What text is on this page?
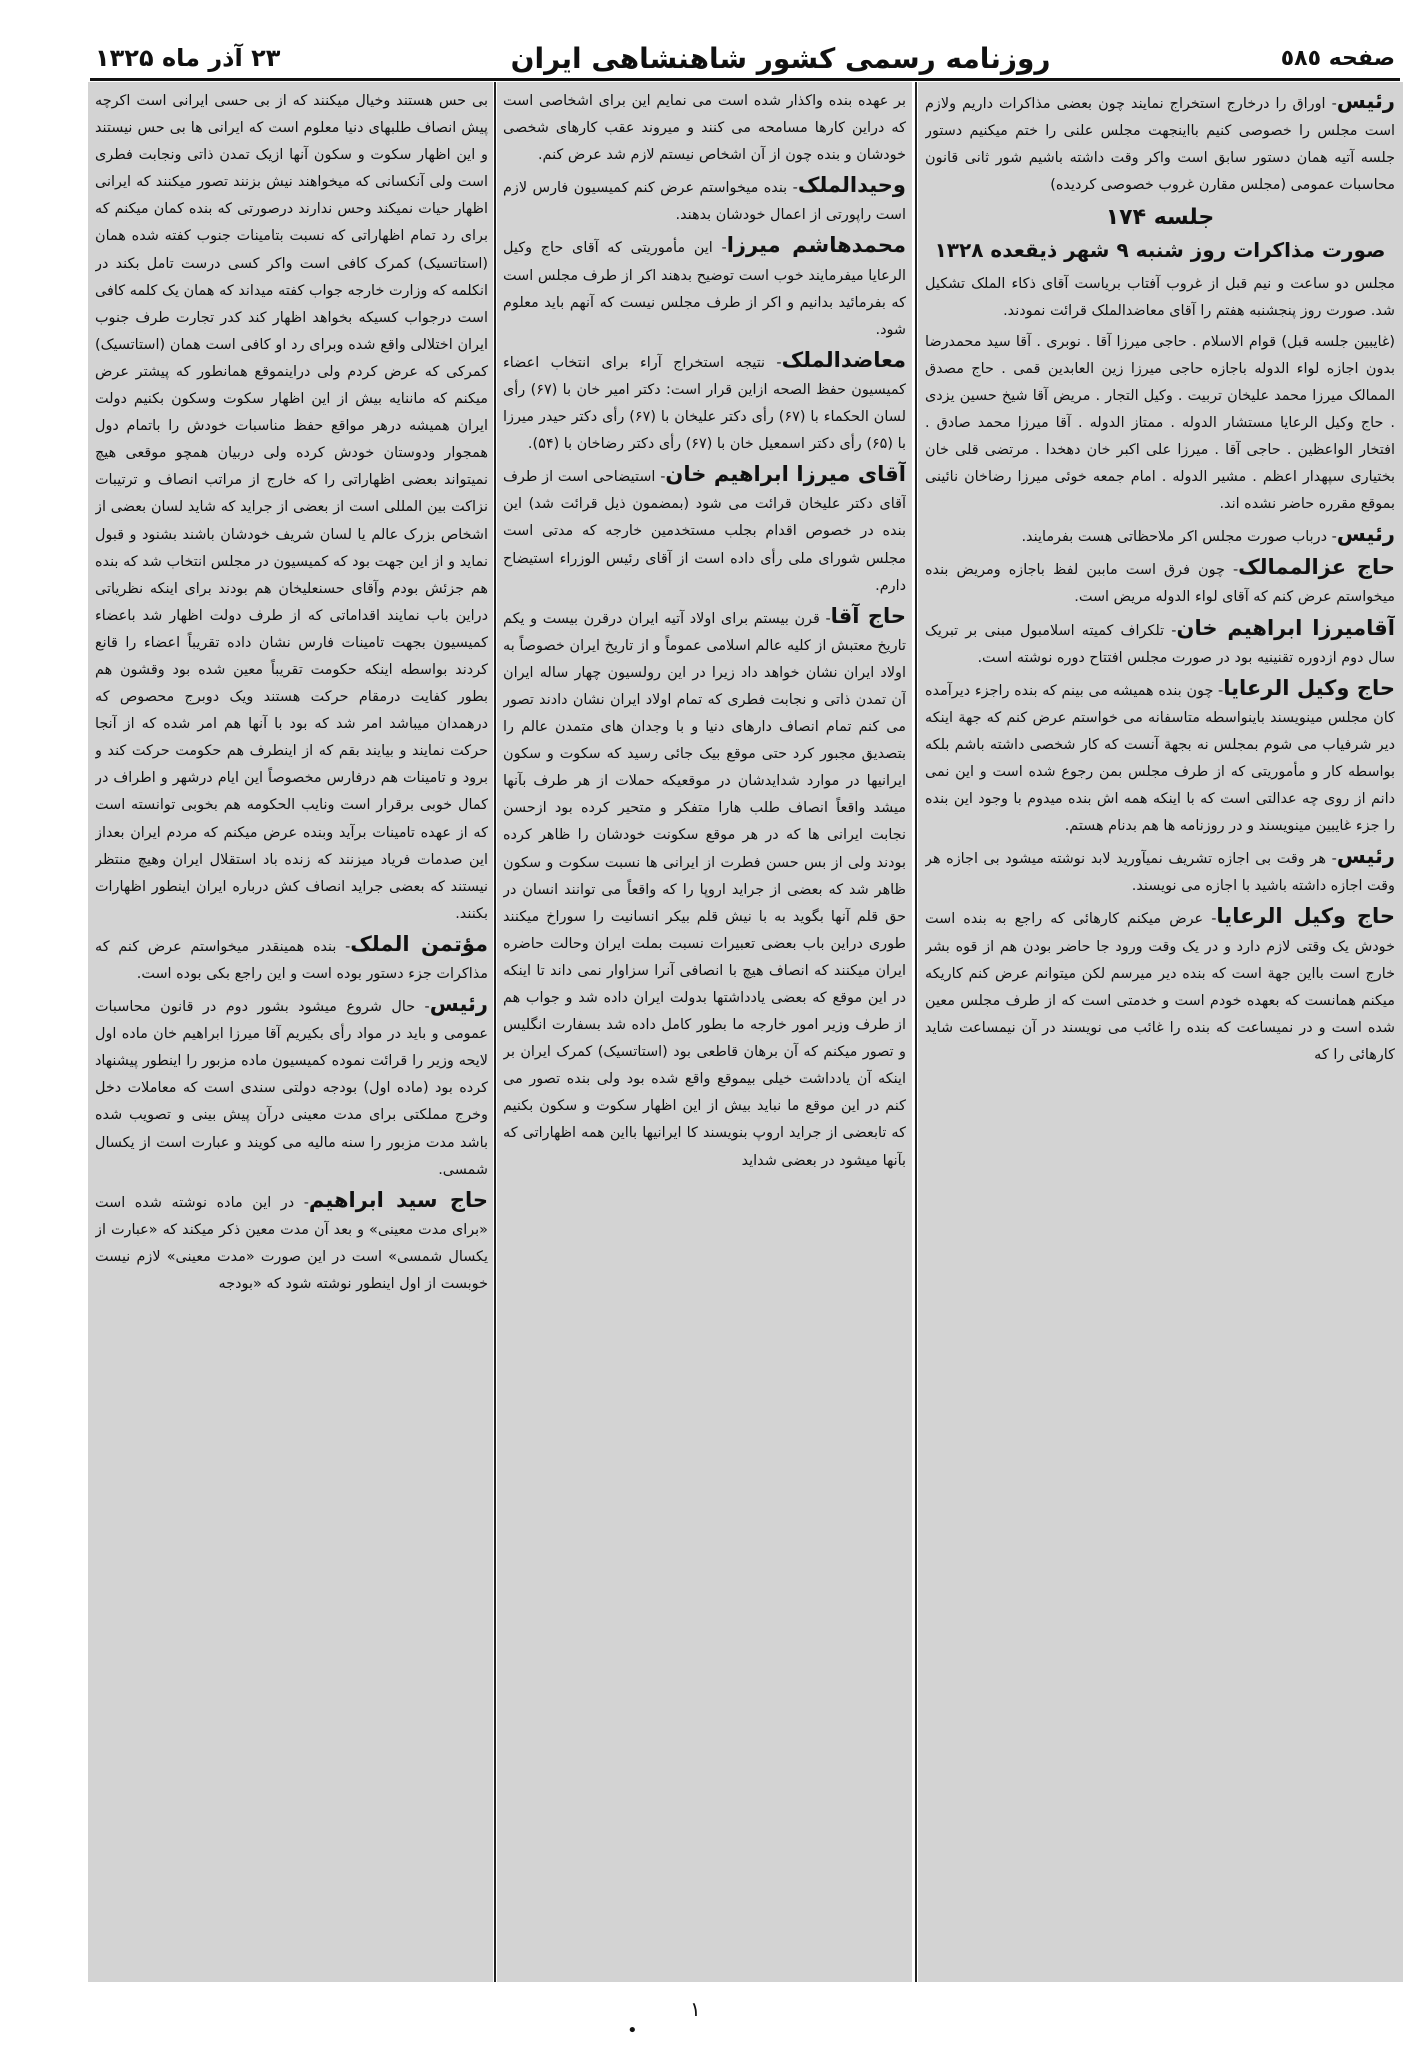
صفحه ٥٨٥
روزنامه رسمی کشور شاهنشاهی ایران
۲۳ آذر ماه ۱۳۲۵

رئیس- اوراق را درخارج استخراج نمایند چون بعضی مذاکرات داریم ولازم است مجلس را خصوصی کنیم بااینجهت مجلس علنی را ختم میکنیم دستور جلسه آتیه همان دستور سابق است واکر وقت داشته باشیم شور ثانی قانون محاسبات عمومی (مجلس مقارن غروب خصوصی کردیده)

جلسه ۱۷۴
صورت مذاکرات روز شنبه ۹ شهر ذیقعده ۱۳۲۸

مجلس دو ساعت و نیم قبل از غروب آفتاب بریاست آقای ذکاء الملک تشکیل شد. صورت روز پنجشنبه هفتم را آقای معاضدالملک قرائت نمودند.

(غایبین جلسه قبل) قوام الاسلام . حاجی میرزا آقا . نوبری . آقا سید محمدرضا بدون اجازه لواء الدوله باجازه حاجی میرزا زین العابدین قمی . حاج مصدق الممالک میرزا محمد علیخان تربیت . وکیل التجار . مریض آقا شیخ حسین یزدی . حاج وکیل الرعایا مستشار الدوله . ممتاز الدوله . آقا میرزا محمد صادق . افتخار الواعظین . حاجی آقا . میرزا علی اکبر خان دهخدا . مرتضی قلی خان بختیاری سپهدار اعظم . مشیر الدوله . امام جمعه خوئی میرزا رضاخان نائینی بموقع مقرره حاضر نشده اند.

رئیس- درباب صورت مجلس اکر ملاحظاتی هست بفرمایند.

حاج عزالممالک- چون فرق است ماببن لفظ باجازه ومریض بنده میخواستم عرض کنم که آقای لواء الدوله مریض است.

آقامیرزا ابراهیم خان- تلکراف کمیته اسلامبول مبنی بر تبریک سال دوم ازدوره تقنینیه بود در صورت مجلس افتتاح دوره نوشته است.

حاج وکیل الرعایا- چون بنده همیشه می بینم که بنده راجزء دیرآمده کان مجلس مینویسند باینواسطه متاسفانه می خواستم عرض کنم که جهة اینکه دیر شرفیاب می شوم بمجلس نه بجهة آنست که کار شخصی داشته باشم بلکه بواسطه کار و مأموریتی که از طرف مجلس بمن رجوع شده است و این نمی دانم از روی چه عدالتی است که با اینکه همه اش بنده میدوم با وجود این بنده را جزء غایبین مینویسند و در روزنامه ها هم بدنام هستم.

رئیس- هر وقت بی اجازه تشریف نمیآورید لابد نوشته میشود بی اجازه هر وقت اجازه داشته باشید با اجازه می نویسند.

حاج وکیل الرعایا- عرض میکنم کارهائی که راجع به بنده است خودش یک وقتی لازم دارد و در یک وقت ورود جا حاضر بودن هم از قوه بشر خارج است بااین جهة است که بنده دیر میرسم لکن میتوانم عرض کنم کاریکه میکنم همانست که بعهده خودم است و خدمتی است که از طرف مجلس معین شده است و در نمیساعت که بنده را غائب می نویسند در آن نیمساعت شاید کارهائی را که

بر عهده بنده واکذار شده است می نمایم این برای اشخاصی است که دراین کارها مسامحه می کنند و میروند عقب کارهای شخصی خودشان و بنده چون از آن اشخاص نیستم لازم شد عرض کنم.

وحیدالملک- بنده میخواستم عرض کنم کمیسیون فارس لازم است راپورتی از اعمال خودشان بدهند.

محمدهاشم میرزا- این مأموریتی که آقای حاج وکیل الرعایا میفرمایند خوب است توضیح بدهند اکر از طرف مجلس است که بفرمائید بدانیم و اکر از طرف مجلس نیست که آنهم باید معلوم شود.

معاضدالملک- نتیجه استخراج آراء برای انتخاب اعضاء کمیسیون حفظ الصحه ازاین قرار است: دکتر امیر خان با (۶۷) رأی لسان الحکماء با (۶۷) رأی دکتر علیخان با (۶۷) رأی دکتر حیدر میرزا با (۶۵) رأی دکتر اسمعیل خان با (۶۷) رأی دکتر رضاخان با (۵۴).

آقای میرزا ابراهیم خان- استیضاحی است از طرف آقای دکتر علیخان قرائت می شود (بمضمون ذیل قرائت شد) این بنده در خصوص اقدام بجلب مستخدمین خارجه که مدتی است مجلس شورای ملی رأی داده است از آقای رئیس الوزراء استیضاح دارم.

حاج آقا- قرن بیستم برای اولاد آتیه ایران درقرن بیست و یکم تاریخ معتبش از کلیه عالم اسلامی عموماً و از تاریخ ایران خصوصاً به اولاد ایران نشان خواهد داد زیرا در این رولسیون چهار ساله ایران آن تمدن ذاتی و نجابت فطری که تمام اولاد ایران نشان دادند تصور می کنم تمام انصاف دارهای دنیا و با وجدان های متمدن عالم را بتصدیق مجبور کرد حتی موقع بیک جائی رسید که سکوت و سکون ایرانیها در موارد شدایدشان در موقعیکه حملات از هر طرف بآنها میشد واقعاً انصاف طلب هارا متفکر و متحیر کرده بود ازحسن نجابت ایرانی ها که در هر موقع سکونت خودشان را ظاهر کرده بودند ولی از بس حسن فطرت از ایرانی ها نسبت سکوت و سکون ظاهر شد که بعضی از جراید اروپا را که واقعاً می توانند انسان در حق قلم آنها بگوید به با نیش قلم بیکر انسانیت را سوراخ میکنند طوری دراین باب بعضی تعبیرات نسبت بملت ایران وحالت حاضره ایران میکنند که انصاف هیچ با انصافی آنرا سزاوار نمی داند تا اینکه در این موقع که بعضی یادداشتها بدولت ایران داده شد و جواب هم از طرف وزیر امور خارجه ما بطور کامل داده شد بسفارت انگلیس و تصور میکنم که آن برهان قاطعی بود (استاتسیک) کمرک ایران بر اینکه آن یادداشت خیلی بیموقع واقع شده بود ولی بنده تصور می کنم در این موقع ما نباید بیش از این اظهار سکوت و سکون بکنیم که تابعضی از جراید اروپ بنویسند کا ایرانیها بااین همه اظهاراتی که بآنها میشود در بعضی شداید

بی حس هستند وخیال میکنند که از بی حسی ایرانی است اکرچه پیش انصاف طلبهای دنیا معلوم است که ایرانی ها بی حس نیستند و این اظهار سکوت و سکون آنها ازیک تمدن ذاتی ونجابت فطری است ولی آنکسانی که میخواهند نیش بزنند تصور میکنند که ایرانی اظهار حیات نمیکند وحس ندارند درصورتی که بنده کمان میکنم که برای رد تمام اظهاراتی که نسبت بتامینات جنوب کفته شده همان (استاتسیک) کمرک کافی است واکر کسی درست تامل بکند در انکلمه که وزارت خارجه جواب کفته میداند که همان یک کلمه کافی است درجواب کسیکه بخواهد اظهار کند کدر تجارت طرف جنوب ایران اختلالی واقع شده وبرای رد او کافی است همان (استاتسیک) کمرکی که عرض کردم ولی دراینموقع همانطور که پیشتر عرض میکنم که ماننایه بیش از این اظهار سکوت وسکون بکنیم دولت ایران همیشه درهر مواقع حفظ مناسبات خودش را باتمام دول همجوار ودوستان خودش کرده ولی دربیان همچو موقعی هیچ نمیتواند بعضی اظهاراتی را که خارج از مراتب انصاف و ترتیبات نزاکت بین المللی است از بعضی از جراید که شاید لسان بعضی از اشخاص بزرک عالم یا لسان شریف خودشان باشند بشنود و قبول نماید و از این جهت بود که کمیسیون در مجلس انتخاب شد که بنده هم جزئش بودم وآقای حسنعلیخان هم بودند برای اینکه نظریاتی دراین باب نمایند اقداماتی که از طرف دولت اظهار شد باعضاء کمیسیون بجهت تامینات فارس نشان داده تقریباً اعضاء را قانع کردند بواسطه اینکه حکومت تقریباً معین شده بود وقشون هم بطور کفایت درمقام حرکت هستند ویک دوبرج محصوص که درهمدان میباشد امر شد که بود با آنها هم امر شده که از آنجا حرکت نمایند و بیایند بقم که از اینطرف هم حکومت حرکت کند و برود و تامینات هم درفارس مخصوصاً این ایام درشهر و اطراف در کمال خوبی برقرار است ونایب الحکومه هم بخوبی توانسته است که از عهده تامینات برآید وبنده عرض میکنم که مردم ایران بعداز این صدمات فریاد میزنند که زنده باد استقلال ایران وهیچ منتظر نیستند که بعضی جراید انصاف کش درباره ایران اینطور اظهارات بکنند.

مؤتمن الملک- بنده همینقدر میخواستم عرض کنم که مذاکرات جزء دستور بوده است و این راجع بکی بوده است.

رئیس- حال شروع میشود بشور دوم در قانون محاسبات عمومی و باید در مواد رأی بکیریم آقا میرزا ابراهیم خان ماده اول لایحه وزیر را قرائت نموده کمیسیون ماده مزبور را اینطور پیشنهاد کرده بود (ماده اول) بودجه دولتی سندی است که معاملات دخل وخرج مملکتی برای مدت معینی درآن پیش بینی و تصویب شده باشد مدت مزبور را سنه مالیه می کویند و عبارت است از یکسال شمسی.

حاج سید ابراهیم- در این ماده نوشته شده است «برای مدت معینی» و بعد آن مدت معین ذکر میکند که «عبارت از یکسال شمسی» است در این صورت «مدت معینی» لازم نیست خوبست از اول اینطور نوشته شود که «بودجه

١
•
